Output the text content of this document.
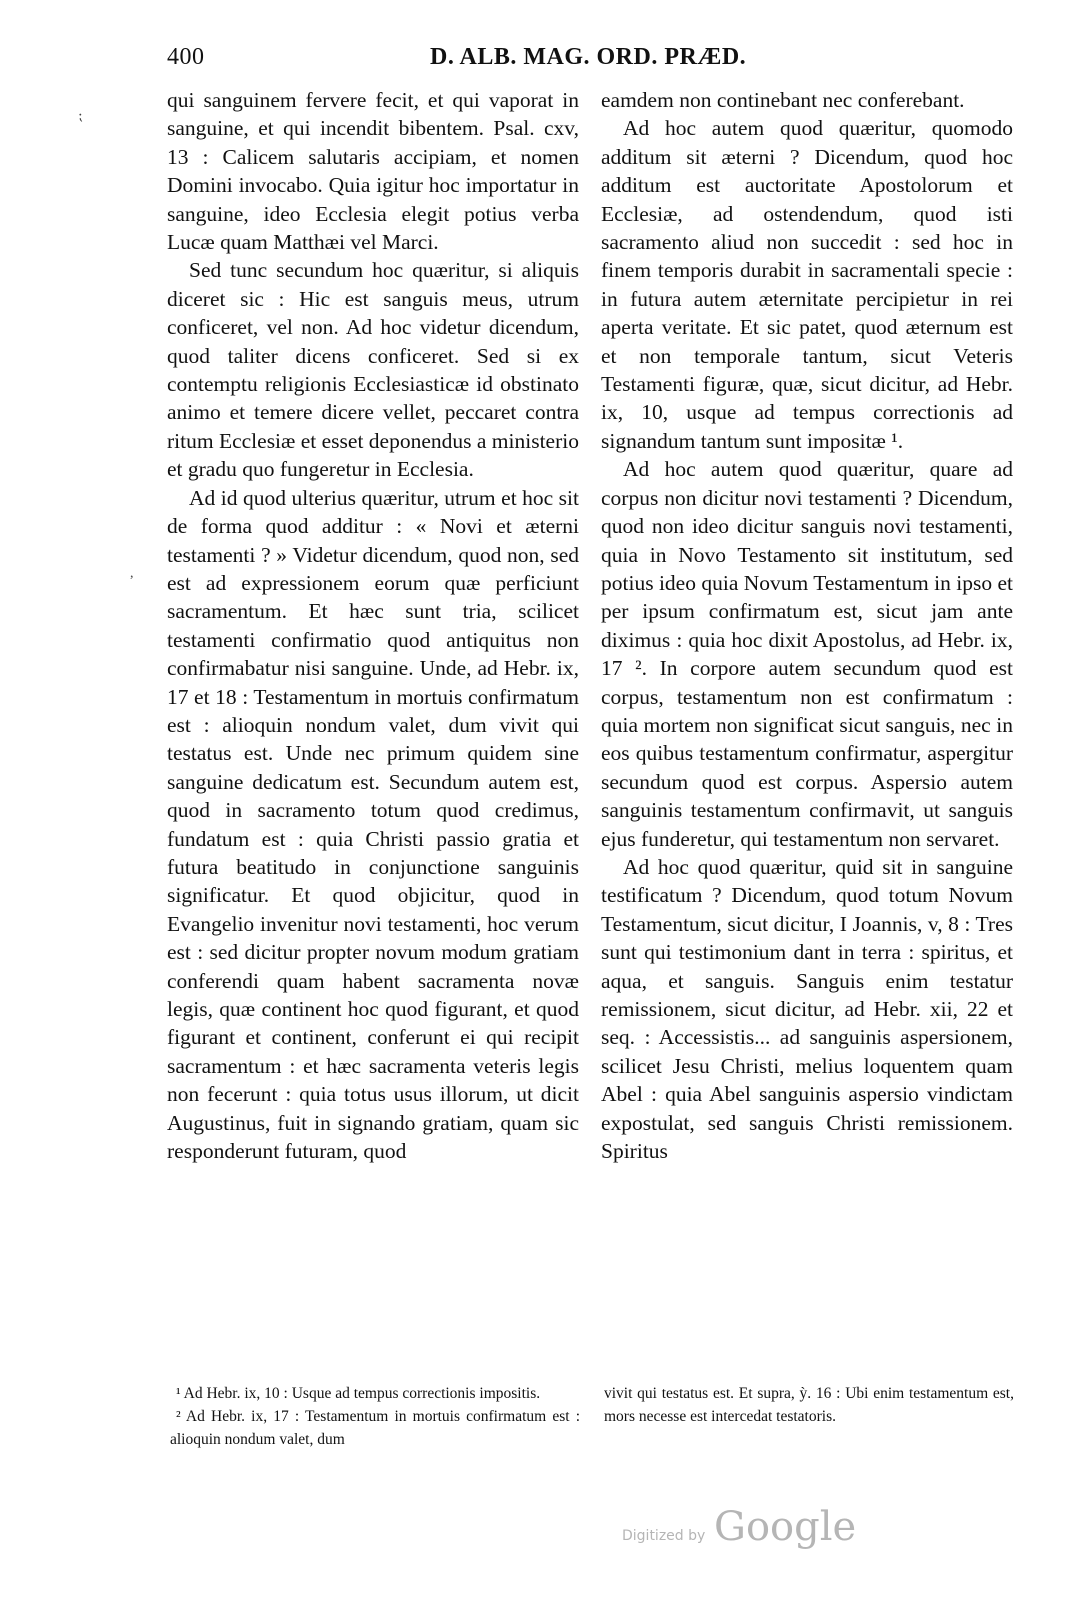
400	D. ALB. MAG. ORD. PRÆD.
⁏
,

qui sanguinem fervere fecit, et qui vaporat in sanguine, et qui incendit bibentem. Psal. cxv, 13 : Calicem salutaris accipiam, et nomen Domini invocabo. Quia igitur hoc importatur in sanguine, ideo Ecclesia elegit potius verba Lucæ quam Matthæi vel Marci.

Sed tunc secundum hoc quæritur, si aliquis diceret sic : Hic est sanguis meus, utrum conficeret, vel non. Ad hoc videtur dicendum, quod taliter dicens conficeret. Sed si ex contemptu religionis Ecclesiasticæ id obstinato animo et temere dicere vellet, peccaret contra ritum Ecclesiæ et esset deponendus a ministerio et gradu quo fungeretur in Ecclesia.

Ad id quod ulterius quæritur, utrum et hoc sit de forma quod additur : « Novi et æterni testamenti ? » Videtur dicendum, quod non, sed est ad expressionem eorum quæ perficiunt sacramentum. Et hæc sunt tria, scilicet testamenti confirmatio quod antiquitus non confirmabatur nisi sanguine. Unde, ad Hebr. ix, 17 et 18 : Testamentum in mortuis confirmatum est : alioquin nondum valet, dum vivit qui testatus est. Unde nec primum quidem sine sanguine dedicatum est. Secundum autem est, quod in sacramento totum quod credimus, fundatum est : quia Christi passio gratia et futura beatitudo in conjunctione sanguinis significatur. Et quod objicitur, quod in Evangelio invenitur novi testamenti, hoc verum est : sed dicitur propter novum modum gratiam conferendi quam habent sacramenta novæ legis, quæ continent hoc quod figurant, et quod figurant et continent, conferunt ei qui recipit sacramentum : et hæc sacramenta veteris legis non fecerunt : quia totus usus illorum, ut dicit Augustinus, fuit in signando gratiam, quam sic responderunt futuram, quod

eamdem non continebant nec conferebant.

Ad hoc autem quod quæritur, quomodo additum sit æterni ? Dicendum, quod hoc additum est auctoritate Apostolorum et Ecclesiæ, ad ostendendum, quod isti sacramento aliud non succedit : sed hoc in finem temporis durabit in sacramentali specie : in futura autem æternitate percipietur in rei aperta veritate. Et sic patet, quod æternum est et non temporale tantum, sicut Veteris Testamenti figuræ, quæ, sicut dicitur, ad Hebr. ix, 10, usque ad tempus correctionis ad signandum tantum sunt impositæ ¹.

Ad hoc autem quod quæritur, quare ad corpus non dicitur novi testamenti ? Dicendum, quod non ideo dicitur sanguis novi testamenti, quia in Novo Testamento sit institutum, sed potius ideo quia Novum Testamentum in ipso et per ipsum confirmatum est, sicut jam ante diximus : quia hoc dixit Apostolus, ad Hebr. ix, 17 ². In corpore autem secundum quod est corpus, testamentum non est confirmatum : quia mortem non significat sicut sanguis, nec in eos quibus testamentum confirmatur, aspergitur secundum quod est corpus. Aspersio autem sanguinis testamentum confirmavit, ut sanguis ejus funderetur, qui testamentum non servaret.

Ad hoc quod quæritur, quid sit in sanguine testificatum ? Dicendum, quod totum Novum Testamentum, sicut dicitur, I Joannis, v, 8 : Tres sunt qui testimonium dant in terra : spiritus, et aqua, et sanguis. Sanguis enim testatur remissionem, sicut dicitur, ad Hebr. xii, 22 et seq. : Accessistis... ad sanguinis aspersionem, scilicet Jesu Christi, melius loquentem quam Abel : quia Abel sanguinis aspersio vindictam expostulat, sed sanguis Christi remissionem. Spiritus

¹ Ad Hebr. ix, 10 : Usque ad tempus correctionis impositis.

² Ad Hebr. ix, 17 : Testamentum in mortuis confirmatum est : alioquin nondum valet, dum

vivit qui testatus est. Et supra, ỳ. 16 : Ubi enim testamentum est, mors necesse est intercedat testatoris.

Digitized by Google
